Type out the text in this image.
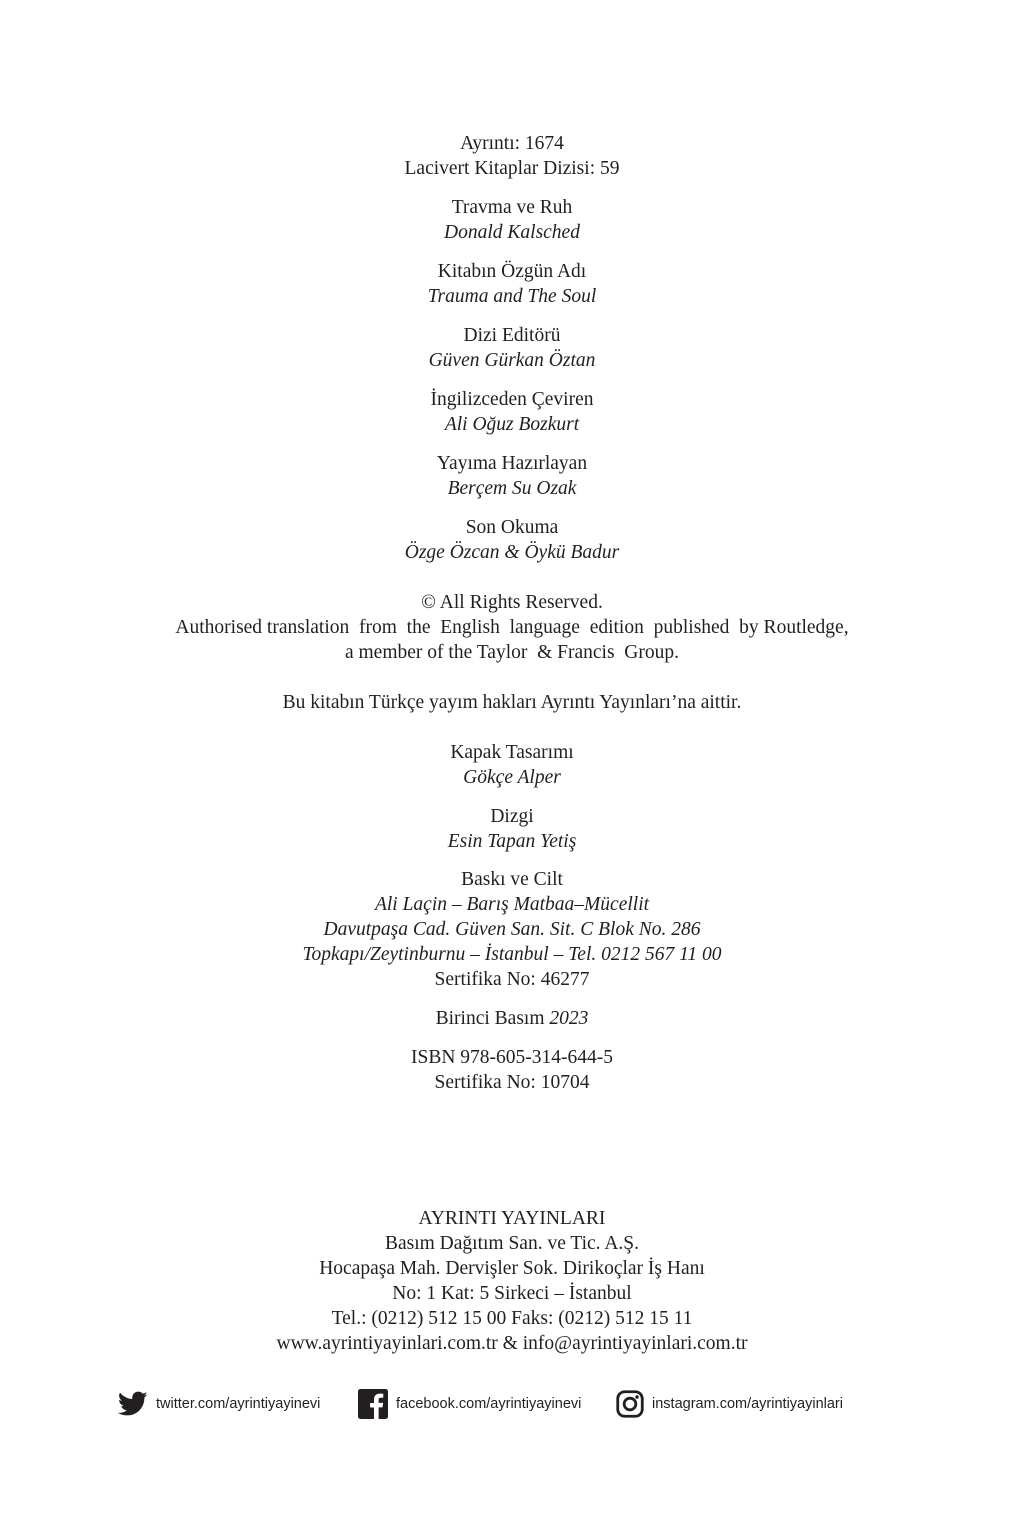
Ayrıntı: 1674
Lacivert Kitaplar Dizisi: 59
Travma ve Ruh
Donald Kalsched
Kitabın Özgün Adı
Trauma and The Soul
Dizi Editörü
Güven Gürkan Öztan
İngilizceden Çeviren
Ali Oğuz Bozkurt
Yayıma Hazırlayan
Berçem Su Ozak
Son Okuma
Özge Özcan & Öykü Badur
© All Rights Reserved.
Authorised translation  from  the  English  language  edition  published  by Routledge,
a member of the Taylor  & Francis  Group.
Bu kitabın Türkçe yayım hakları Ayrıntı Yayınları’na aittir.
Kapak Tasarımı
Gökçe Alper
Dizgi
Esin Tapan Yetiş
Baskı ve Cilt
Ali Laçin – Barış Matbaa–Mücellit
Davutpaşa Cad. Güven San. Sit. C Blok No. 286
Topkapı/Zeytinburnu – İstanbul – Tel. 0212 567 11 00
Sertifika No: 46277
Birinci Basım 2023
ISBN 978-605-314-644-5
Sertifika No: 10704
AYRINTI YAYINLARI
Basım Dağıtım San. ve Tic. A.Ş.
Hocapaşa Mah. Dervişler Sok. Dirikoçlar İş Hanı
No: 1 Kat: 5 Sirkeci – İstanbul
Tel.: (0212) 512 15 00 Faks: (0212) 512 15 11
www.ayrintiyayinlari.com.tr & info@ayrintiyayinlari.com.tr
twitter.com/ayrintiyayinevi	facebook.com/ayrintiyayinevi	instagram.com/ayrintiyayinlari
